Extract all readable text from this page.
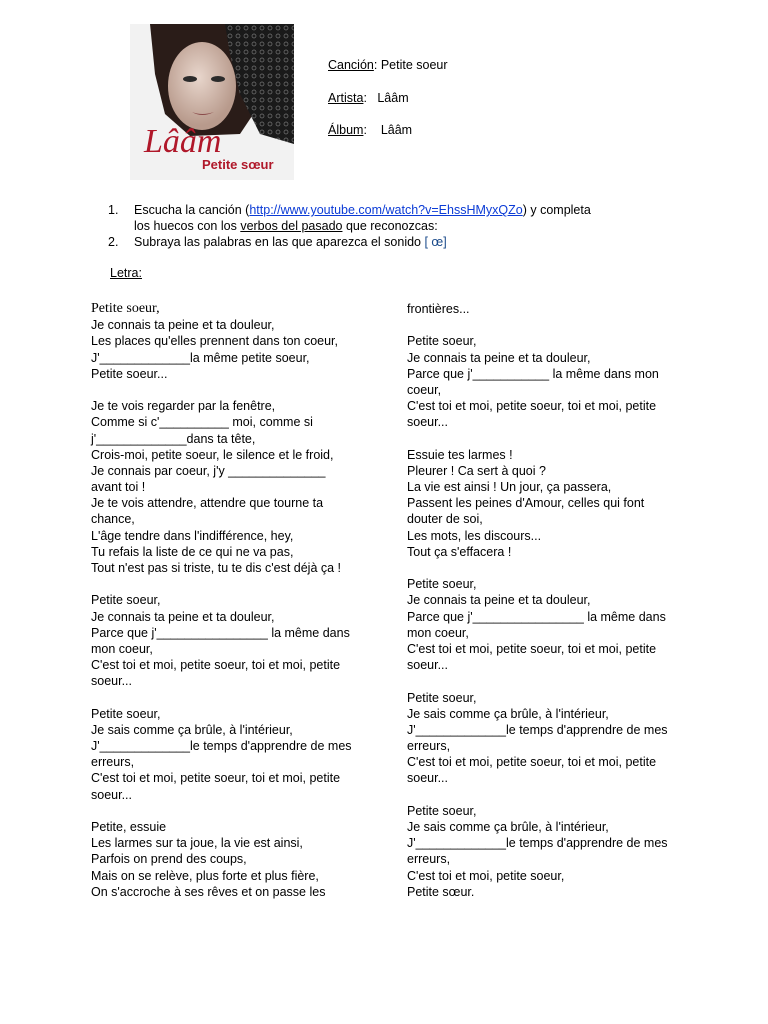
Lââm
Petite sœur
Canción: Petite soeur
Artista:   Lââm
Álbum:    Lââm
1.	Escucha la canción (http://www.youtube.com/watch?v=EhssHMyxQZo) y completa
los huecos con los verbos del pasado que reconozcas:
2.	Subraya las palabras en las que aparezca el sonido [ œ]
Letra:
Petite soeur,
Je connais ta peine et ta douleur,
Les places qu'elles prennent dans ton coeur,
J'_____________la même petite soeur,
Petite soeur...
Je te vois regarder par la fenêtre,
Comme si c'__________ moi, comme si
j'_____________dans ta tête,
Crois-moi, petite soeur, le silence et le froid,
Je connais par coeur, j'y ______________
avant toi !
Je te vois attendre, attendre que tourne ta
chance,
L'âge tendre dans l'indifférence, hey,
Tu refais la liste de ce qui ne va pas,
Tout n'est pas si triste, tu te dis c'est déjà ça !
Petite soeur,
Je connais ta peine et ta douleur,
Parce que j'________________ la même dans
mon coeur,
C'est toi et moi, petite soeur, toi et moi, petite
soeur...
Petite soeur,
Je sais comme ça brûle, à l'intérieur,
J'_____________le temps d'apprendre de mes
erreurs,
C'est toi et moi, petite soeur, toi et moi, petite
soeur...
Petite, essuie
Les larmes sur ta joue, la vie est ainsi,
Parfois on prend des coups,
Mais on se relève, plus forte et plus fière,
On s'accroche à ses rêves et on passe les
frontières...
Petite soeur,
Je connais ta peine et ta douleur,
Parce que j'___________ la même dans mon
coeur,
C'est toi et moi, petite soeur, toi et moi, petite
soeur...
Essuie tes larmes !
Pleurer ! Ca sert à quoi ?
La vie est ainsi ! Un jour, ça passera,
Passent les peines d'Amour, celles qui font
douter de soi,
Les mots, les discours...
Tout ça s'effacera !
Petite soeur,
Je connais ta peine et ta douleur,
Parce que j'________________ la même dans
mon coeur,
C'est toi et moi, petite soeur, toi et moi, petite
soeur...
Petite soeur,
Je sais comme ça brûle, à l'intérieur,
J'_____________le temps d'apprendre de mes
erreurs,
C'est toi et moi, petite soeur, toi et moi, petite
soeur...
Petite soeur,
Je sais comme ça brûle, à l'intérieur,
J'_____________le temps d'apprendre de mes
erreurs,
C'est toi et moi, petite soeur,
Petite sœur.
